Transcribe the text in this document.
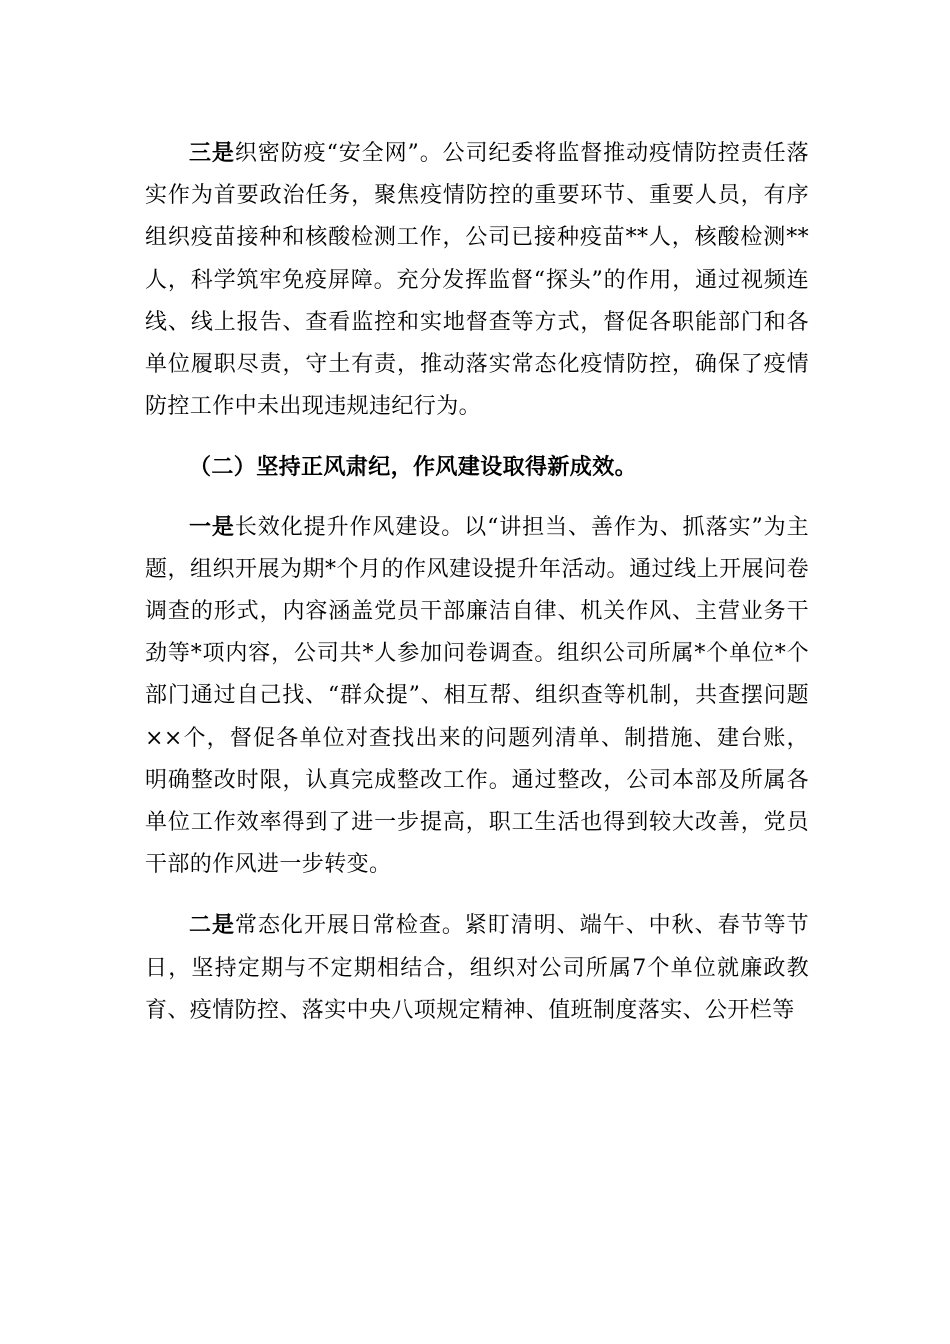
三是织密防疫“安全网”。公司纪委将监督推动疫情防控责任落实作为首要政治任务，聚焦疫情防控的重要环节、重要人员，有序组织疫苗接种和核酸检测工作，公司已接种疫苗**人，核酸检测**人，科学筑牢免疫屏障。充分发挥监督“探头”的作用，通过视频连线、线上报告、查看监控和实地督查等方式，督促各职能部门和各单位履职尽责，守土有责，推动落实常态化疫情防控，确保了疫情防控工作中未出现违规违纪行为。

（二）坚持正风肃纪，作风建设取得新成效。

一是长效化提升作风建设。以“讲担当、善作为、抓落实”为主题，组织开展为期*个月的作风建设提升年活动。通过线上开展问卷调查的形式，内容涵盖党员干部廉洁自律、机关作风、主营业务干劲等*项内容，公司共*人参加问卷调查。组织公司所属*个单位*个部门通过自己找、“群众提”、相互帮、组织查等机制，共查摆问题××个，督促各单位对查找出来的问题列清单、制措施、建台账，明确整改时限，认真完成整改工作。通过整改，公司本部及所属各单位工作效率得到了进一步提高，职工生活也得到较大改善，党员干部的作风进一步转变。

二是常态化开展日常检查。紧盯清明、端午、中秋、春节等节日，坚持定期与不定期相结合，组织对公司所属7个单位就廉政教育、疫情防控、落实中央八项规定精神、值班制度落实、公开栏等
